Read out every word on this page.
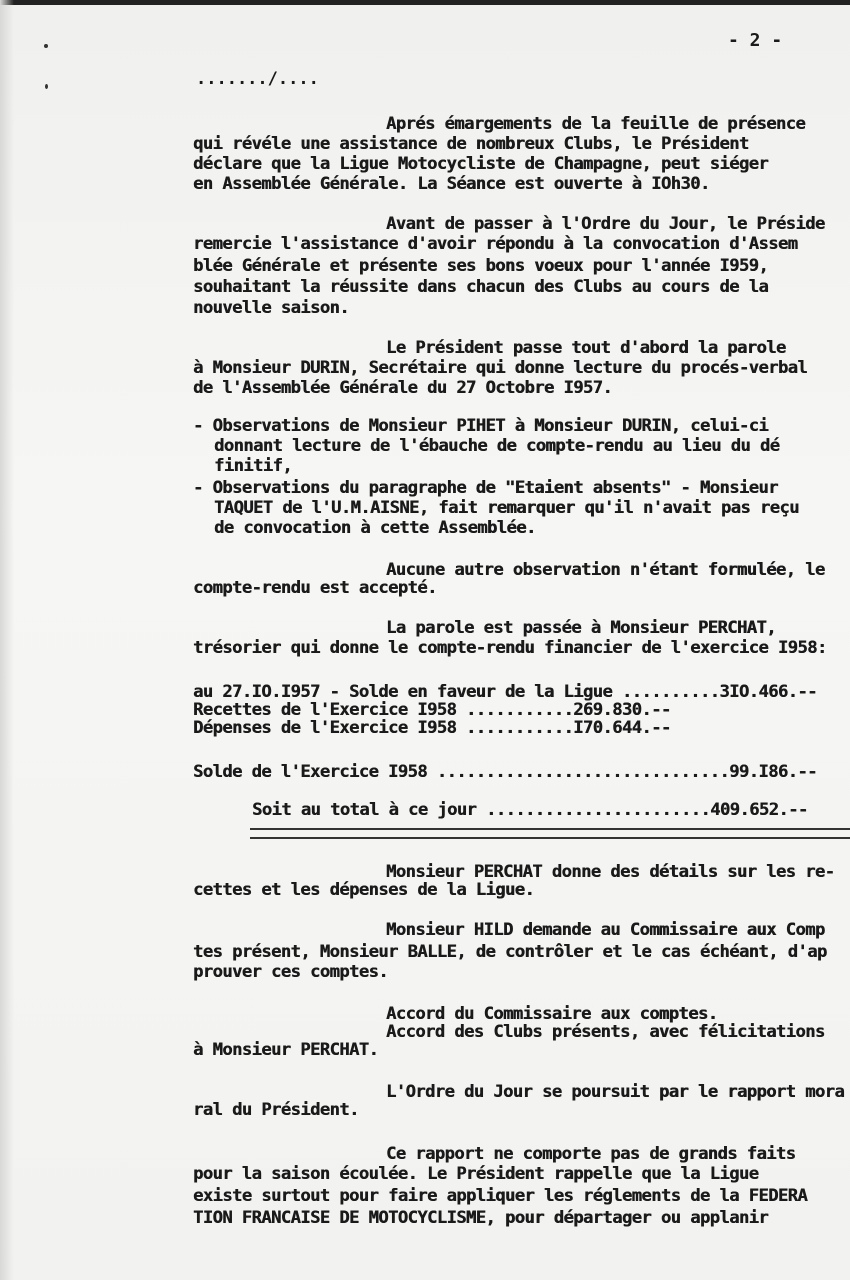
- 2 -
......./....
Aprés émargements de la feuille de présence
qui révéle une assistance de nombreux Clubs, le Président
déclare que la Ligue Motocycliste de Champagne, peut siéger
en Assemblée Générale. La Séance est ouverte à IOh30.
Avant de passer à l'Ordre du Jour, le Préside
remercie l'assistance d'avoir répondu à la convocation d'Assem
blée Générale et présente ses bons voeux pour l'année I959,
souhaitant la réussite dans chacun des Clubs au cours de la
nouvelle saison.
Le Président passe tout d'abord la parole
à Monsieur DURIN, Secrétaire qui donne lecture du procés-verbal
de l'Assemblée Générale du 27 Octobre I957.
- Observations de Monsieur PIHET à Monsieur DURIN, celui-ci
donnant lecture de l'ébauche de compte-rendu au lieu du dé
finitif,
- Observations du paragraphe de "Etaient absents" - Monsieur
TAQUET de l'U.M.AISNE, fait remarquer qu'il n'avait pas reçu
de convocation à cette Assemblée.
Aucune autre observation n'étant formulée, le
compte-rendu est accepté.
La parole est passée à Monsieur PERCHAT,
trésorier qui donne le compte-rendu financier de l'exercice I958:
au 27.IO.I957 - Solde en faveur de la Ligue ..........3IO.466.--
Recettes de l'Exercice I958 ...........269.830.--
Dépenses de l'Exercice I958 ...........I70.644.--
Solde de l'Exercice I958 ..............................99.I86.--
Soit au total à ce jour .......................409.652.--
Monsieur PERCHAT donne des détails sur les re-
cettes et les dépenses de la Ligue.
Monsieur HILD demande au Commissaire aux Comp
tes présent, Monsieur BALLE, de contrôler et le cas échéant, d'ap
prouver ces comptes.
Accord du Commissaire aux comptes.
Accord des Clubs présents, avec félicitations
à Monsieur PERCHAT.
L'Ordre du Jour se poursuit par le rapport mora
ral du Président.
Ce rapport ne comporte pas de grands faits
pour la saison écoulée. Le Président rappelle que la Ligue
existe surtout pour faire appliquer les réglements de la FEDERA
TION FRANCAISE DE MOTOCYCLISME, pour départager ou applanir
